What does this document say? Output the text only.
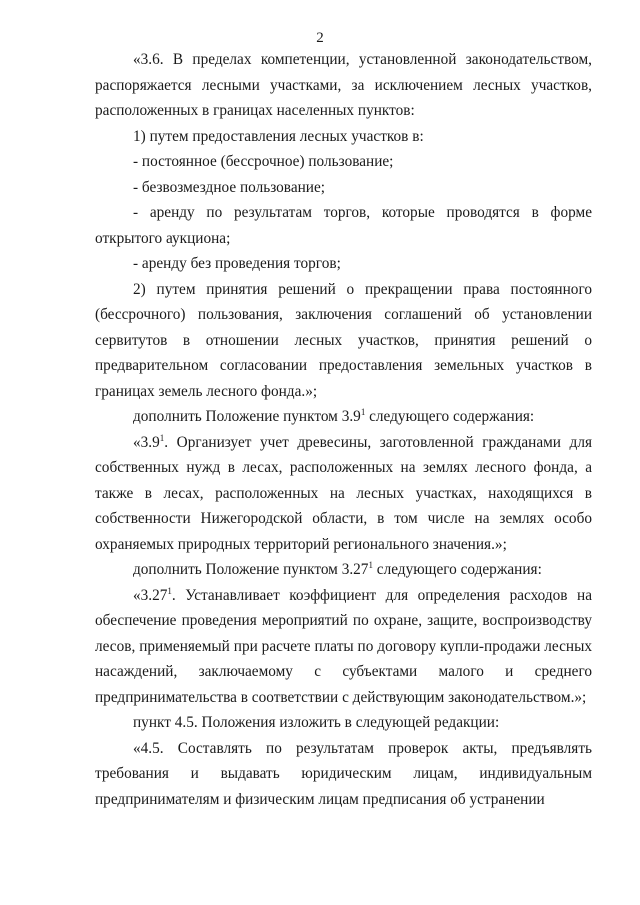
2

«3.6. В пределах компетенции, установленной законодательством, распоряжается лесными участками, за исключением лесных участков, расположенных в границах населенных пунктов:

1) путем предоставления лесных участков в:

- постоянное (бессрочное) пользование;

- безвозмездное пользование;

- аренду по результатам торгов, которые проводятся в форме открытого аукциона;

- аренду без проведения торгов;

2) путем принятия решений о прекращении права постоянного (бессрочного) пользования, заключения соглашений об установлении сервитутов в отношении лесных участков, принятия решений о предварительном согласовании предоставления земельных участков в границах земель лесного фонда.»;

дополнить Положение пунктом $3.9^1$ следующего содержания:

«$3.9^1$. Организует учет древесины, заготовленной гражданами для собственных нужд в лесах, расположенных на землях лесного фонда, а также в лесах, расположенных на лесных участках, находящихся в собственности Нижегородской области, в том числе на землях особо охраняемых природных территорий регионального значения.»;

дополнить Положение пунктом 3.27$^1$ следующего содержания:

«3.27$^1$. Устанавливает коэффициент для определения расходов на обеспечение проведения мероприятий по охране, защите, воспроизводству лесов, применяемый при расчете платы по договору купли-продажи лесных насаждений, заключаемому с субъектами малого и среднего предпринимательства в соответствии с действующим законодательством.»;

пункт 4.5. Положения изложить в следующей редакции:

«4.5. Составлять по результатам проверок акты, предъявлять требования и выдавать юридическим лицам, индивидуальным предпринимателям и физическим лицам предписания об устранении
